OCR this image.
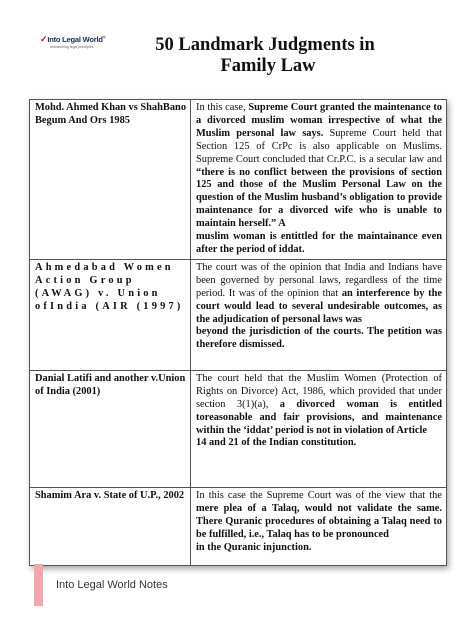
✓Into Legal World®
researching legal principles	50 Landmark Judgments in
Family Law
Mohd. Ahmed Khan vs ShahBano Begum And Ors 1985	In this case, Supreme Court granted the maintenance to a divorced muslim woman irrespective of what the Muslim personal law says. Supreme Court held that Section 125 of CrPc is also applicable on Muslims. Supreme Court concluded that Cr.P.C. is a secular law and “there is no conflict between the provisions of section 125 and those of the Muslim Personal Law on the question of the Muslim husband’s obligation to provide maintenance for a divorced wife who is unable to maintain herself.” A
muslim woman is entittled for the maintainance even after the period of iddat.
Ahmedabad Women Action Group (AWAG) v. Union ofIndia (AIR (1997)	The court was of the opinion that India and Indians have been governed by personal laws, regardless of the time period. It was of the opinion that an interference by the court would lead to several undesirable outcomes, as the adjudication of personal laws was
beyond the jurisdiction of the courts. The petition was therefore dismissed.
Danial Latifi and another v.Union of India (2001)	The court held that the Muslim Women (Protection of Rights on Divorce) Act, 1986, which provided that under section 3(1)(a), a divorced woman is entitled toreasonable and fair provisions, and maintenance within the ‘iddat’ period is not in violation of Article
14 and 21 of the Indian constitution.
Shamim Ara v. State of U.P., 2002	In this case the Supreme Court was of the view that the mere plea of a Talaq, would not validate the same. There Quranic procedures of obtaining a Talaq need to be fulfilled, i.e., Talaq has to be pronounced
in the Quranic injunction.
Into Legal World Notes
